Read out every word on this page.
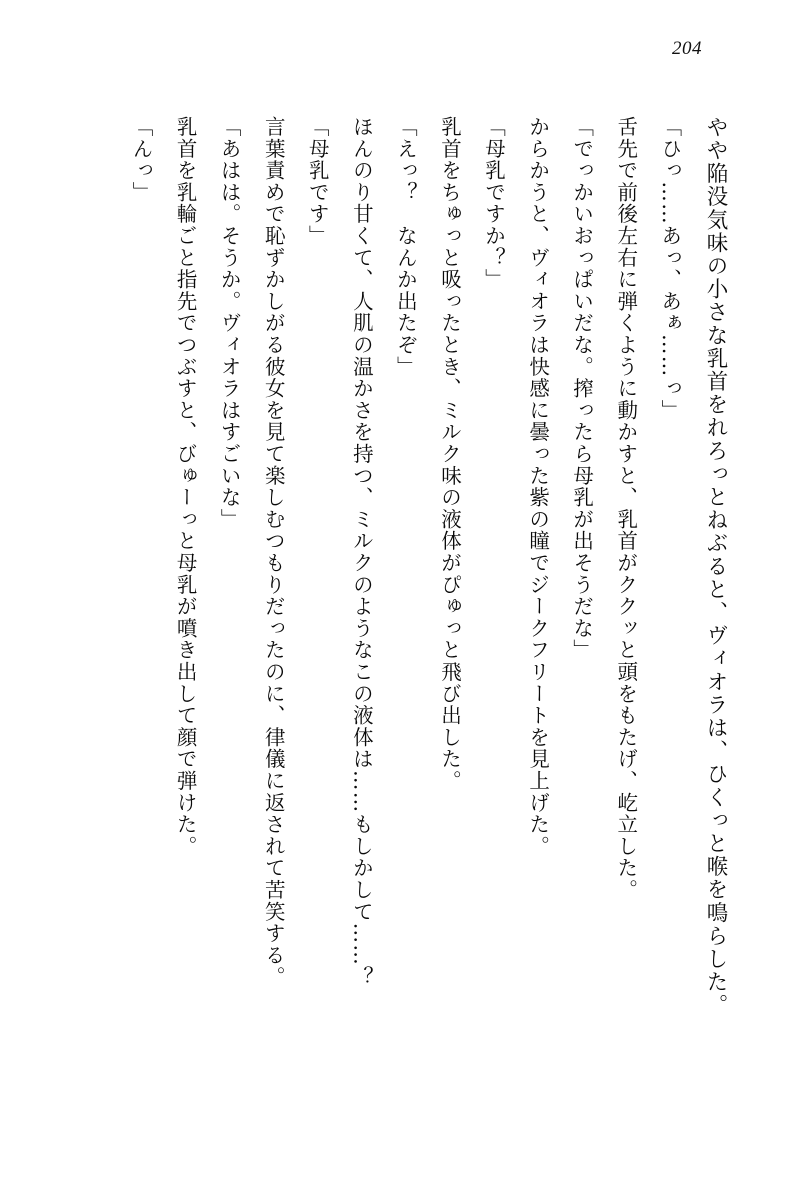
204

やや陥没気味の小さな乳首をれろっとねぶると、ヴィオラは、ひくっと喉を鳴らした。

「ひっ……あっ、あぁ……っ」

舌先で前後左右に弾くように動かすと、乳首がククッと頭をもたげ、屹立した。

「でっかいおっぱいだな。搾ったら母乳が出そうだな」

からかうと、ヴィオラは快感に曇った紫の瞳でジークフリートを見上げた。

「母乳ですか？」

乳首をちゅっと吸ったとき、ミルク味の液体がぴゅっと飛び出した。

「えっ？　なんか出たぞ」

ほんのり甘くて、人肌の温かさを持つ、ミルクのようなこの液体は……もしかして……？

「母乳です」

言葉責めで恥ずかしがる彼女を見て楽しむつもりだったのに、律儀に返されて苦笑する。

「あはは。そうか。ヴィオラはすごいな」

乳首を乳輪ごと指先でつぶすと、びゅーっと母乳が噴き出して顔で弾けた。

「んっ」
